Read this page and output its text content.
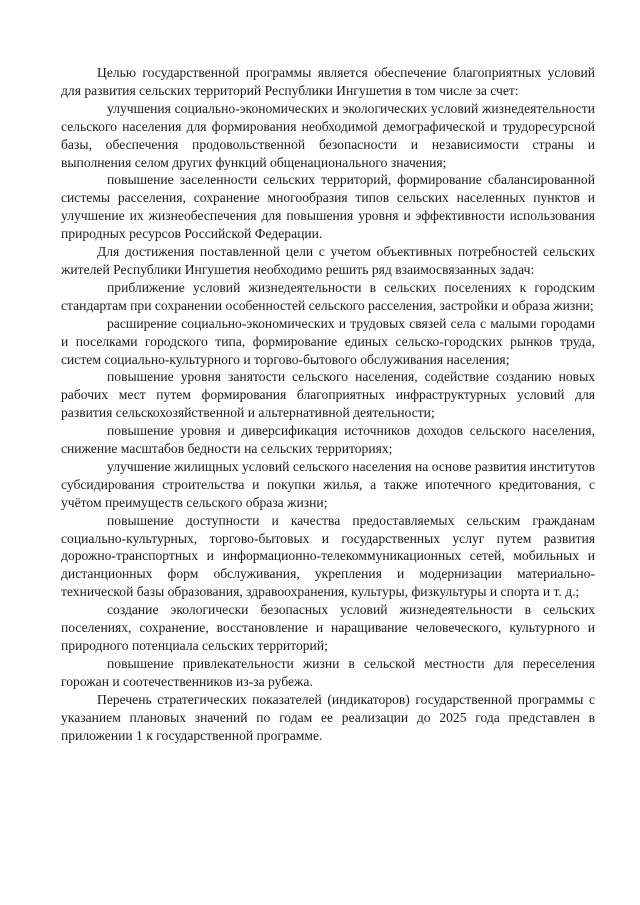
Целью государственной программы является обеспечение благоприятных условий для развития сельских территорий Республики Ингушетия в том числе за счет:

улучшения социально-экономических и экологических условий жизнедеятельности сельского населения для формирования необходимой демографической и трудоресурсной базы, обеспечения продовольственной безопасности и независимости страны и выполнения селом других функций общенационального значения;

повышение заселенности сельских территорий, формирование сбалансированной системы расселения, сохранение многообразия типов сельских населенных пунктов и улучшение их жизнеобеспечения для повышения уровня и эффективности использования природных ресурсов Российской Федерации.

Для достижения поставленной цели с учетом объективных потребностей сельских жителей Республики Ингушетия необходимо решить ряд взаимосвязанных задач:

приближение условий жизнедеятельности в сельских поселениях к городским стандартам при сохранении особенностей сельского расселения, застройки и образа жизни;

расширение социально-экономических и трудовых связей села с малыми городами и поселками городского типа, формирование единых сельско-городских рынков труда, систем социально-культурного и торгово-бытового обслуживания населения;

повышение уровня занятости сельского населения, содействие созданию новых рабочих мест путем формирования благоприятных инфраструктурных условий для развития сельскохозяйственной и альтернативной деятельности;

повышение уровня и диверсификация источников доходов сельского населения, снижение масштабов бедности на сельских территориях;

улучшение жилищных условий сельского населения на основе развития институтов субсидирования строительства и покупки жилья, а также ипотечного кредитования, с учётом преимуществ сельского образа жизни;

повышение доступности и качества предоставляемых сельским гражданам социально-культурных, торгово-бытовых и государственных услуг путем развития дорожно-транспортных и информационно-телекоммуникационных сетей, мобильных и дистанционных форм обслуживания, укрепления и модернизации материально-технической базы образования, здравоохранения, культуры, физкультуры и спорта и т. д.;

создание экологически безопасных условий жизнедеятельности в сельских поселениях, сохранение, восстановление и наращивание человеческого, культурного и природного потенциала сельских территорий;

повышение привлекательности жизни в сельской местности для переселения горожан и соотечественников из-за рубежа.

Перечень стратегических показателей (индикаторов) государственной программы с указанием плановых значений по годам ее реализации до 2025 года представлен в приложении 1 к государственной программе.
